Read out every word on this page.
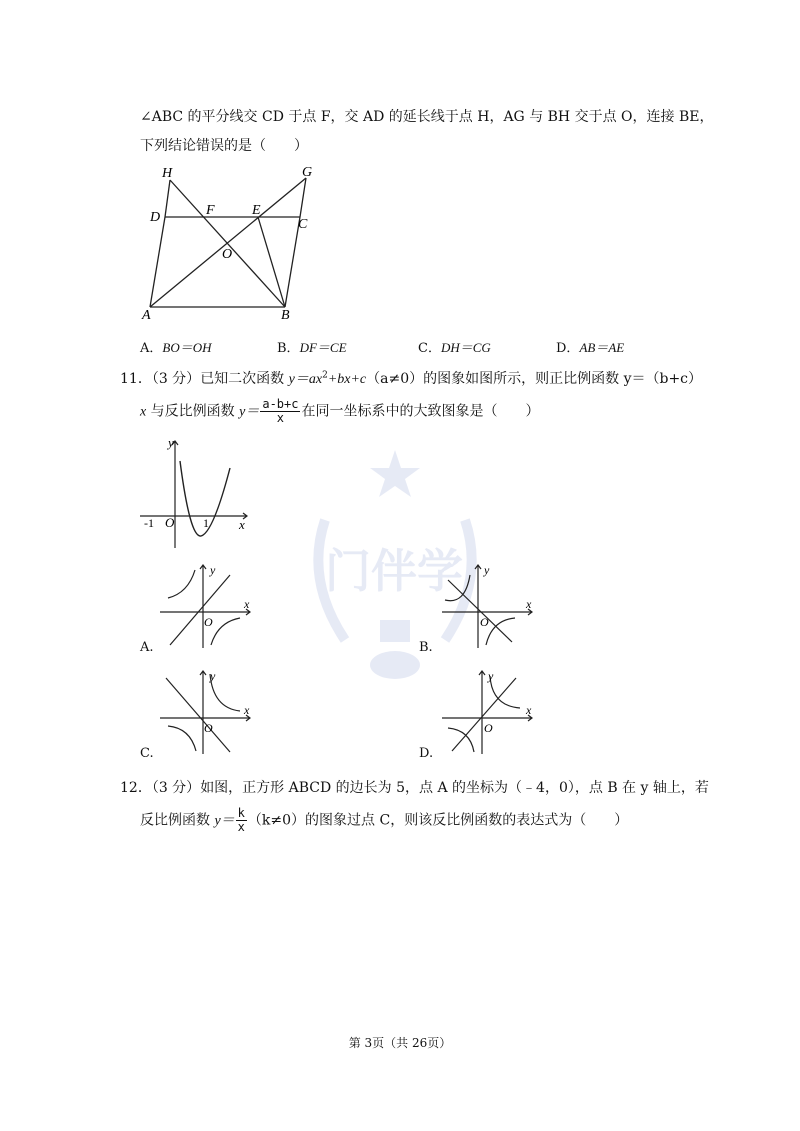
门伴学
∠ABC 的平分线交 CD 于点 F，交 AD 的延长线于点 H，AG 与 BH 交于点 O，连接 BE，
下列结论错误的是（　　）
H	G
D	F	E
C
O
A	B
A．BO＝OH	B．DF＝CE	C．DH＝CG	D．AB＝AE
11．（3 分）已知二次函数 $y=ax^2+bx+c(a\ne 0)$的图象如图所示，则正比例函数 y＝（b+c）
x 与反比例函数 $y= \frac{a-b+c}{x}$ 在同一坐标系中的大致图象是（　　）
y
x
-1 O 1
y
x
O
A.
y
x
O
B.
y
x
O
C.
y
x
O
D.
12．（3 分）如图，正方形 ABCD 的边长为 5，点 A 的坐标为（﹣4，0），点 B 在 y 轴上，若
反比例函数 $y= \frac{k}{x} (k\ne 0)$的图象过点 C，则该反比例函数的表达式为（　　）
第 3页（共 26页）
